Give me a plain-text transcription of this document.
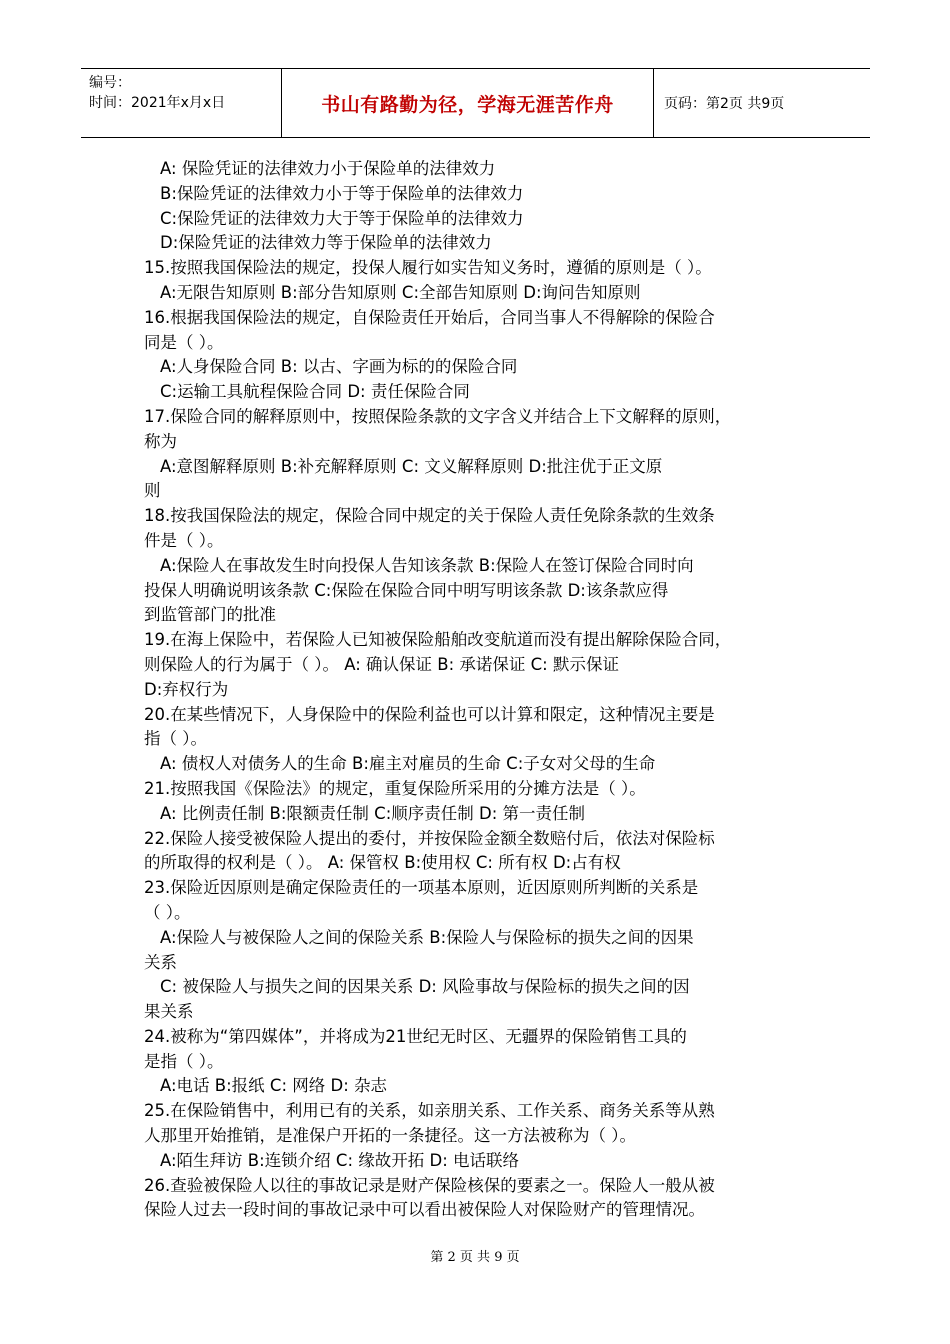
编号：
时间：2021年x月x日	书山有路勤为径，学海无涯苦作舟	页码：第2页 共9页

A: 保险凭证的法律效力小于保险单的法律效力

B:保险凭证的法律效力小于等于保险单的法律效力

C:保险凭证的法律效力大于等于保险单的法律效力

D:保险凭证的法律效力等于保险单的法律效力

15.按照我国保险法的规定，投保人履行如实告知义务时，遵循的原则是（ ）。

A:无限告知原则 B:部分告知原则 C:全部告知原则 D:询问告知原则

16.根据我国保险法的规定，自保险责任开始后，合同当事人不得解除的保险合

同是（ ）。

A:人身保险合同 B: 以古、字画为标的的保险合同

C:运输工具航程保险合同 D: 责任保险合同

17.保险合同的解释原则中，按照保险条款的文字含义并结合上下文解释的原则，

称为

A:意图解释原则 B:补充解释原则 C: 文义解释原则 D:批注优于正文原

则

18.按我国保险法的规定，保险合同中规定的关于保险人责任免除条款的生效条

件是（ ）。

A:保险人在事故发生时向投保人告知该条款 B:保险人在签订保险合同时向

投保人明确说明该条款 C:保险在保险合同中明写明该条款 D:该条款应得

到监管部门的批准

19.在海上保险中，若保险人已知被保险船舶改变航道而没有提出解除保险合同，

则保险人的行为属于（ ）。 A: 确认保证 B: 承诺保证 C: 默示保证

D:弃权行为

20.在某些情况下，人身保险中的保险利益也可以计算和限定，这种情况主要是

指（ ）。

A: 债权人对债务人的生命 B:雇主对雇员的生命 C:子女对父母的生命

21.按照我国《保险法》的规定，重复保险所采用的分摊方法是（ ）。

A: 比例责任制 B:限额责任制 C:顺序责任制 D: 第一责任制

22.保险人接受被保险人提出的委付，并按保险金额全数赔付后，依法对保险标

的所取得的权利是（ ）。 A: 保管权 B:使用权 C: 所有权 D:占有权

23.保险近因原则是确定保险责任的一项基本原则，近因原则所判断的关系是

（ ）。

A:保险人与被保险人之间的保险关系 B:保险人与保险标的损失之间的因果

关系

C: 被保险人与损失之间的因果关系 D: 风险事故与保险标的损失之间的因

果关系

24.被称为“第四媒体”，并将成为21世纪无时区、无疆界的保险销售工具的

是指（ ）。

A:电话 B:报纸 C: 网络 D: 杂志

25.在保险销售中，利用已有的关系，如亲朋关系、工作关系、商务关系等从熟

人那里开始推销，是准保户开拓的一条捷径。这一方法被称为（ ）。

A:陌生拜访 B:连锁介绍 C: 缘故开拓 D: 电话联络

26.查验被保险人以往的事故记录是财产保险核保的要素之一。保险人一般从被

保险人过去一段时间的事故记录中可以看出被保险人对保险财产的管理情况。

第 2 页 共 9 页
